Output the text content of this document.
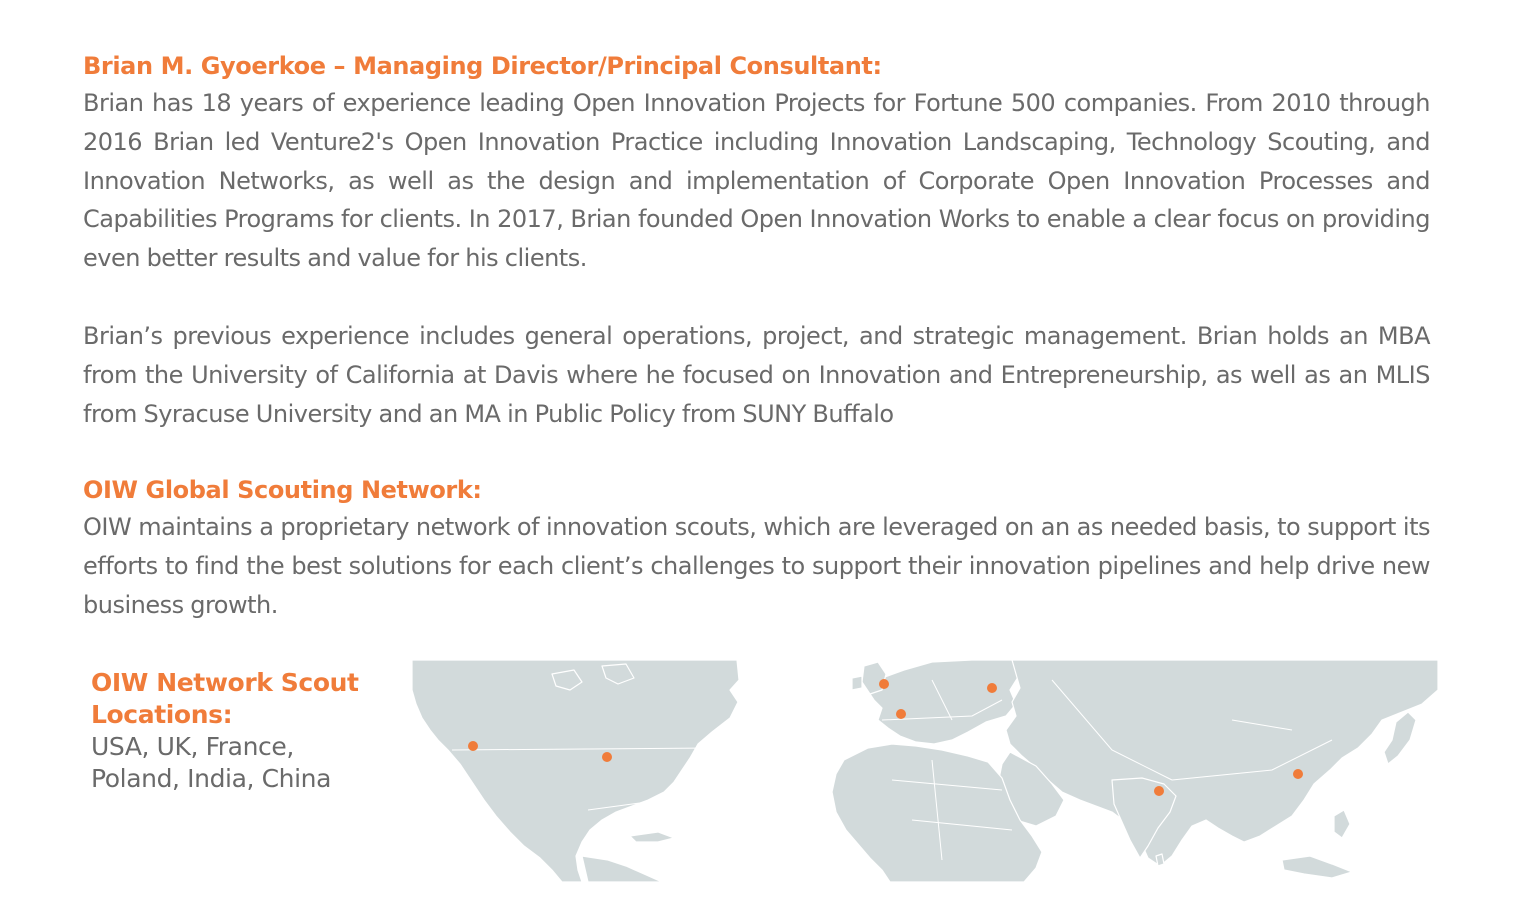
Brian M. Gyoerkoe – Managing Director/Principal Consultant:

Brian has 18 years of experience leading Open Innovation Projects for Fortune 500 companies. From 2010 through 2016 Brian led Venture2's Open Innovation Practice including Innovation Landscaping, Technology Scouting, and Innovation Networks, as well as the design and implementation of Corporate Open Innovation Processes and Capabilities Programs for clients. In 2017, Brian founded Open Innovation Works to enable a clear focus on providing even better results and value for his clients.

Brian’s previous experience includes general operations, project, and strategic management. Brian holds an MBA from the University of California at Davis where he focused on Innovation and Entrepreneurship, as well as an MLIS from Syracuse University and an MA in Public Policy from SUNY Buffalo

OIW Global Scouting Network:

OIW maintains a proprietary network of innovation scouts, which are leveraged on an as needed basis, to support its efforts to find the best solutions for each client’s challenges to support their innovation pipelines and help drive new business growth.

OIW Network Scout Locations:

USA, UK, France,

Poland, India, China
